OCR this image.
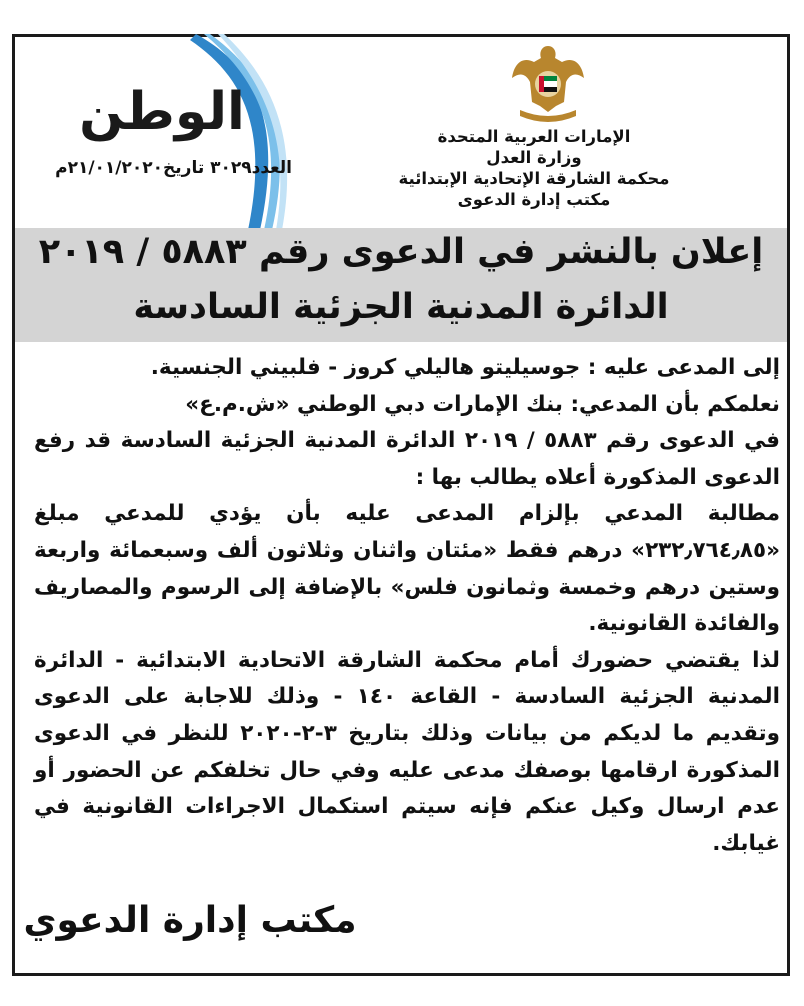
الوطن
العدد٣٠٢٩ تاريخ٢١/٠١/٢٠٢٠م
الإمارات العربية المتحدة
وزارة العدل
محكمة الشارقة الإتحادية الإبتدائية
مكتب إدارة الدعوى
إعلان بالنشر في الدعوى رقم ٥٨٨٣ / ٢٠١٩
الدائرة المدنية الجزئية السادسة

إلى المدعى عليه : جوسيليتو هاليلي كروز - فلبيني الجنسية.

نعلمكم بأن المدعي: بنك الإمارات دبي الوطني «ش.م.ع»

في الدعوى رقم ٥٨٨٣ / ٢٠١٩ الدائرة المدنية الجزئية السادسة قد رفع الدعوى المذكورة أعلاه يطالب بها :

مطالبة المدعي بإلزام المدعى عليه بأن يؤدي للمدعي مبلغ «٢٣٢٫٧٦٤٫٨٥» درهم فقط «مئتان واثنان وثلاثون ألف وسبعمائة واربعة وستين درهم وخمسة وثمانون فلس» بالإضافة إلى الرسوم والمصاريف والفائدة القانونية.

لذا يقتضي حضورك أمام محكمة الشارقة الاتحادية الابتدائية - الدائرة المدنية الجزئية السادسة - القاعة ١٤٠ - وذلك للاجابة على الدعوى وتقديم ما لديكم من بيانات وذلك بتاريخ ٣-٢-٢٠٢٠ للنظر في الدعوى المذكورة ارقامها بوصفك مدعى عليه وفي حال تخلفكم عن الحضور أو عدم ارسال وكيل عنكم فإنه سيتم استكمال الاجراءات القانونية في غيابك.

مكتب إدارة الدعوي
